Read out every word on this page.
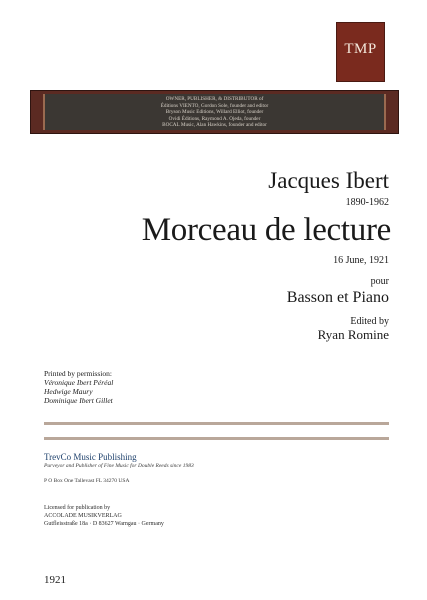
TMP
OWNER, PUBLISHER, & DISTRIBUTOR of
Éditions VIENTO, Gordon Sole, founder and editor
Bryson Music Editions, Willard Elliot, founder
Ovidi Éditions, Raymond A. Ojeda, founder
BOCAL Music, Alan Hawkins, founder and editor
Jacques Ibert
1890-1962
Morceau de lecture
16 June, 1921
pour
Basson et Piano
Edited by
Ryan Romine
Printed by permission:
Véronique Ibert Péréal
Hedwige Maury
Dominique Ibert Gillet
TrevCo Music Publishing
Purveyor and Publisher of Fine Music for Double Reeds since 1983
P O Box One Tallevast FL 34270 USA
Licensed for publication by
ACCOLADE MUSIKVERLAG
Gutfleisstraße 18a · D 83627 Warngau · Germany
1921
